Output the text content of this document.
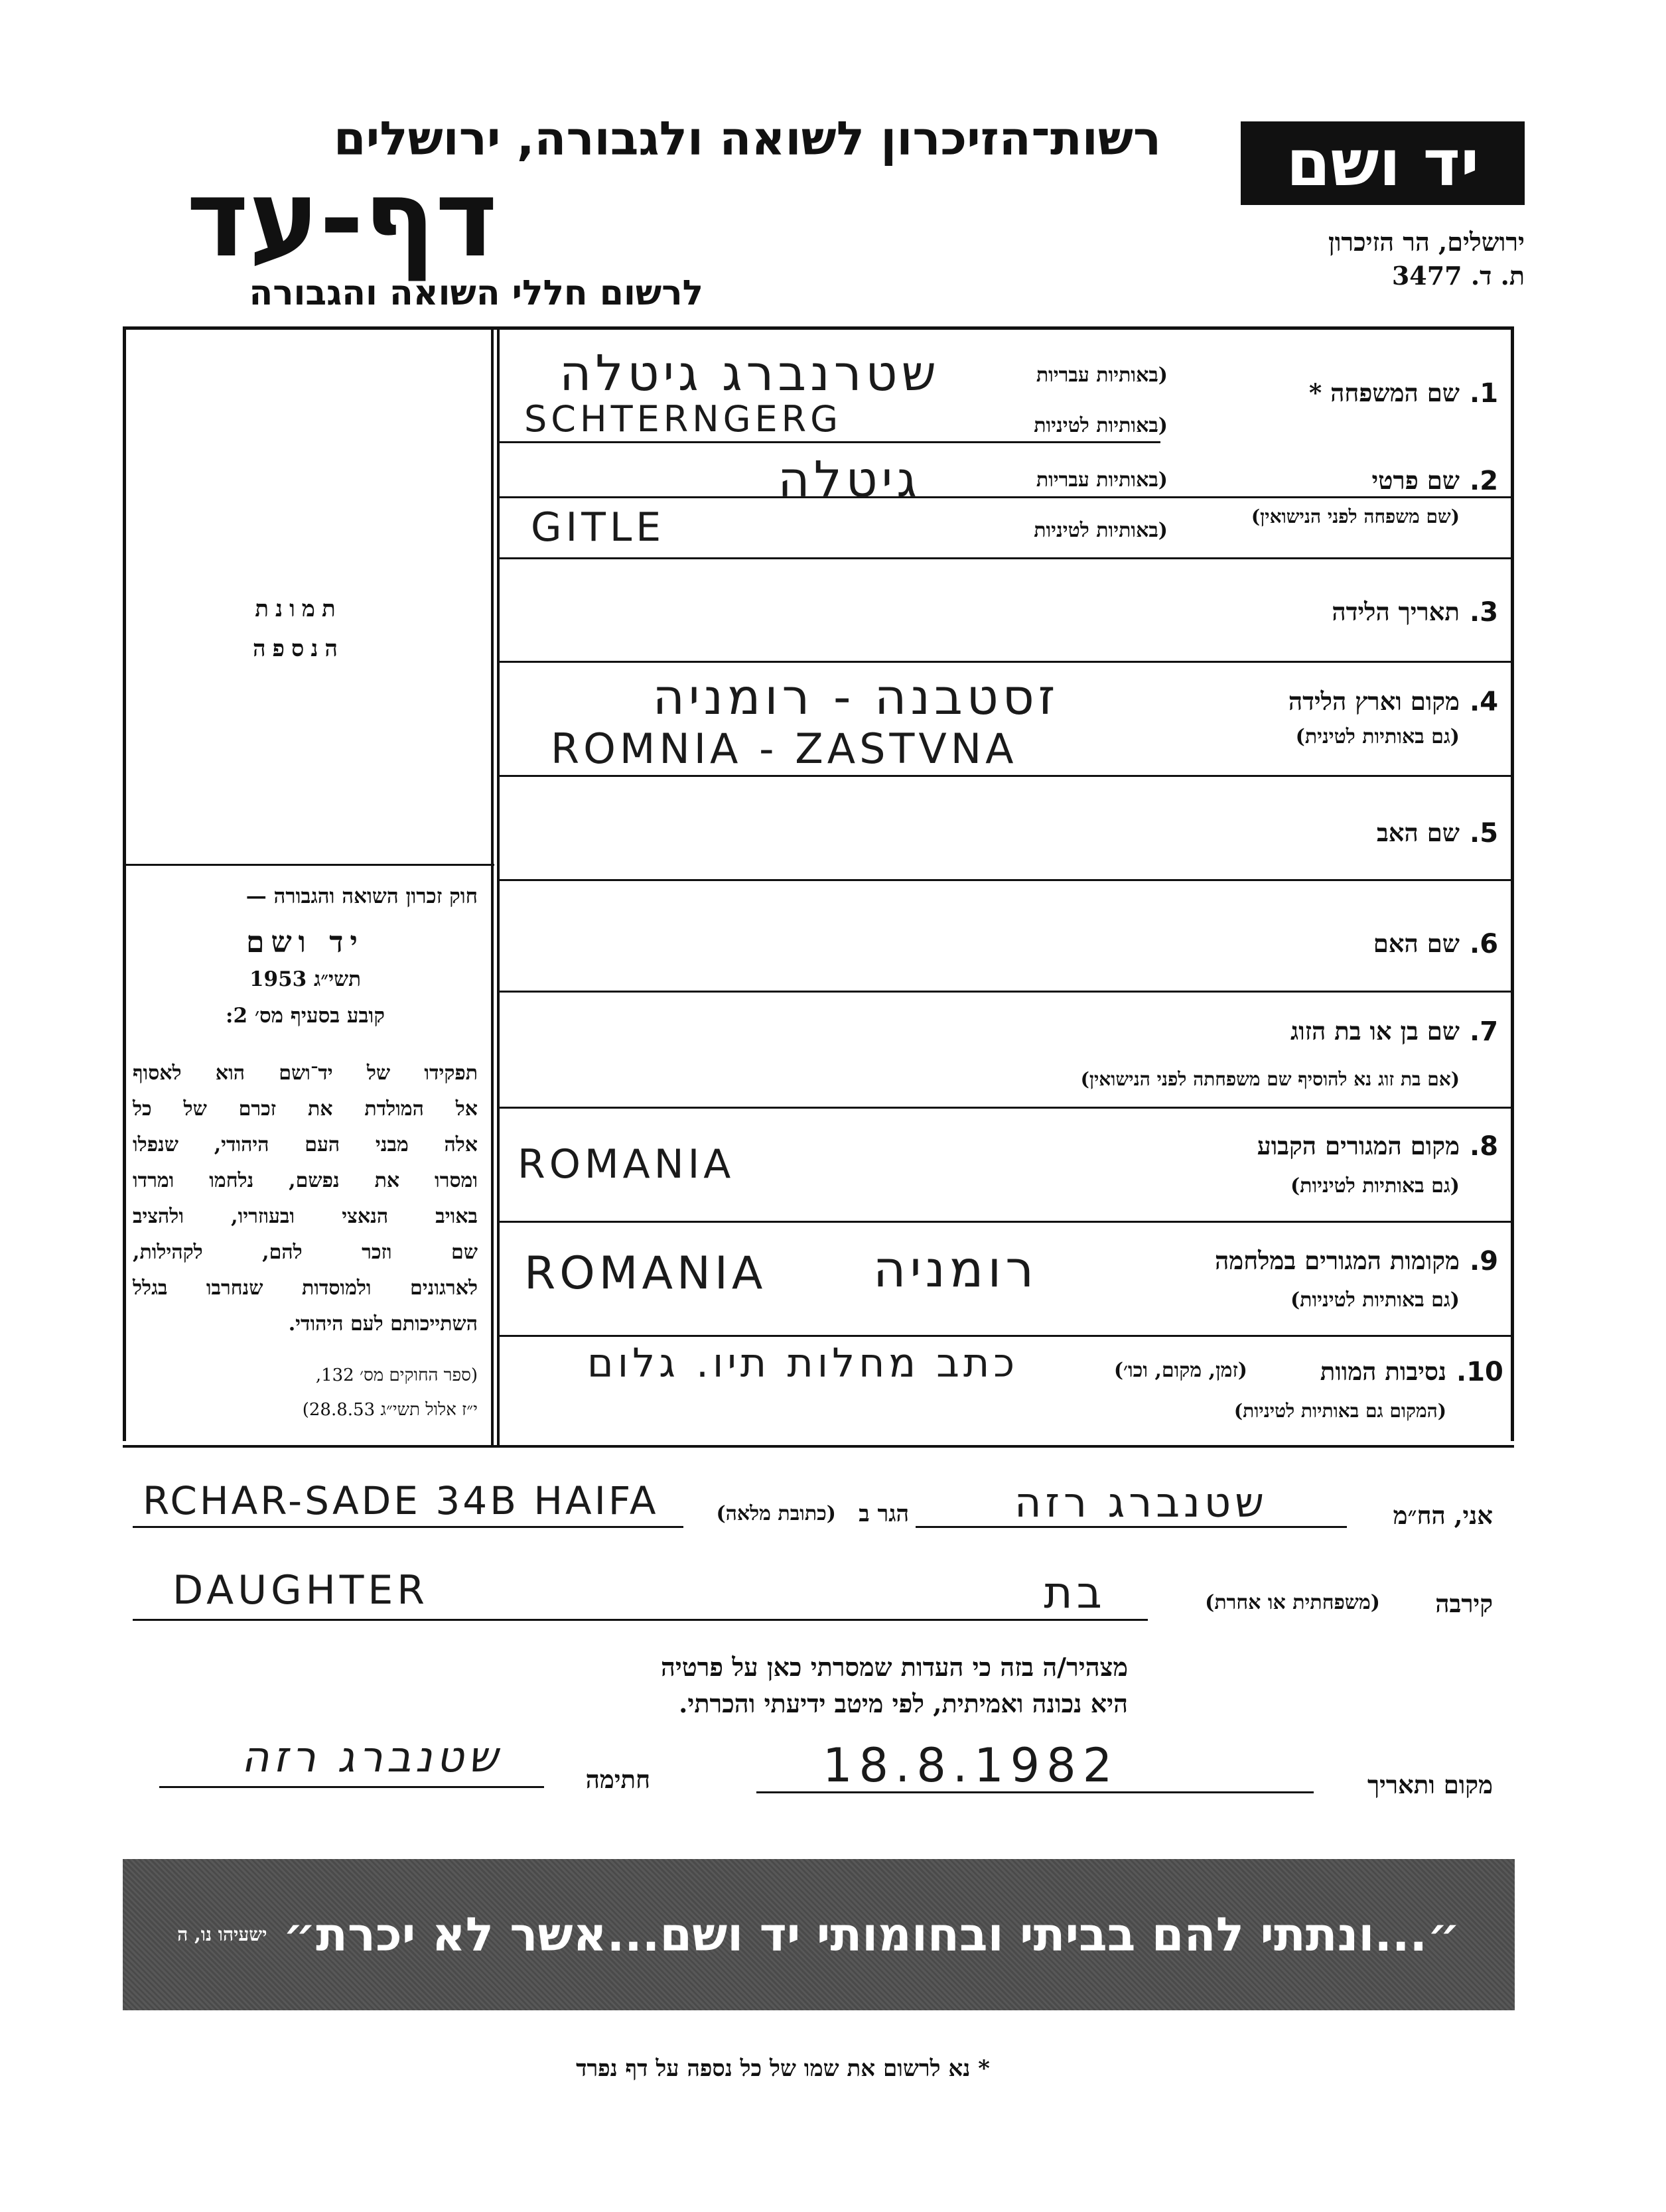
רשות־הזיכרון לשואה ולגבורה, ירושלים
דף-עד
לרשום חללי השואה והגבורה
יד ושם
ירושלים, הר הזיכרון
ת. ד. 3477
תמונת
הנספה
חוק זכרון השואה והגבורה —
יד ושם
תשי״ג 1953
קובע בסעיף מס׳ 2:
תפקידו של יד־ושם הוא לאסוף
אל המולדת את זכרם של כל
אלה מבני העם היהודי, שנפלו
ומסרו את נפשם, נלחמו ומרדו
באויב הנאצי ובעוזריו, ולהציב
שם וזכר להם, לקהילות,
לארגונים ולמוסדות שנחרבו בגלל
השתייכותם לעם היהודי.
(ספר החוקים מס׳ 132,
י״ז אלול תשי״ג 28.8.53)
.1
שם המשפחה *
(באותיות עבריות
(באותיות לטיניות
שטרנברג גיטלה
SCHTERNGERG
.2
שם פרטי
(שם משפחה לפני הנישואין)
(באותיות עבריות
(באותיות לטיניות
גיטלה
GITLE
.3
תאריך הלידה
.4
מקום וארץ הלידה
(גם באותיות לטינית)
זסטבנה - רומניה
ROMNIA - ZASTVNA
.5
שם האב
.6
שם האם
.7
שם בן או בת הזוג
(אם בת זוג נא להוסיף שם משפחתה לפני הנישואין)
.8
מקום המגורים הקבוע
(גם באותיות לטיניות)
ROMANIA
.9
מקומות המגורים במלחמה
(גם באותיות לטיניות)
ROMANIA	רומניה
.10
נסיבות המוות
(זמן, מקום, וכו׳)
(המקום גם באותיות לטיניות)
כתב מחלות תיו. גלום
אני, הח״מ
שטנברג רזה
הגר ב
(כתובת מלאה)
RCHAR-SADE 34B HAIFA
קירבה
(משפחתית או אחרת)
בת
DAUGHTER
מצהיר/ה בזה כי העדות שמסרתי כאן על פרטיה
היא נכונה ואמיתית, לפי מיטב ידיעתי והכרתי.
מקום ותאריך
18.8.1982
חתימה
שטנברג רזה
״...ונתתי להם בביתי ובחומותי יד ושם...אשר לא יכרת״
ישעיהו נו, ה
* נא לרשום את שמו של כל נספה על דף נפרד
